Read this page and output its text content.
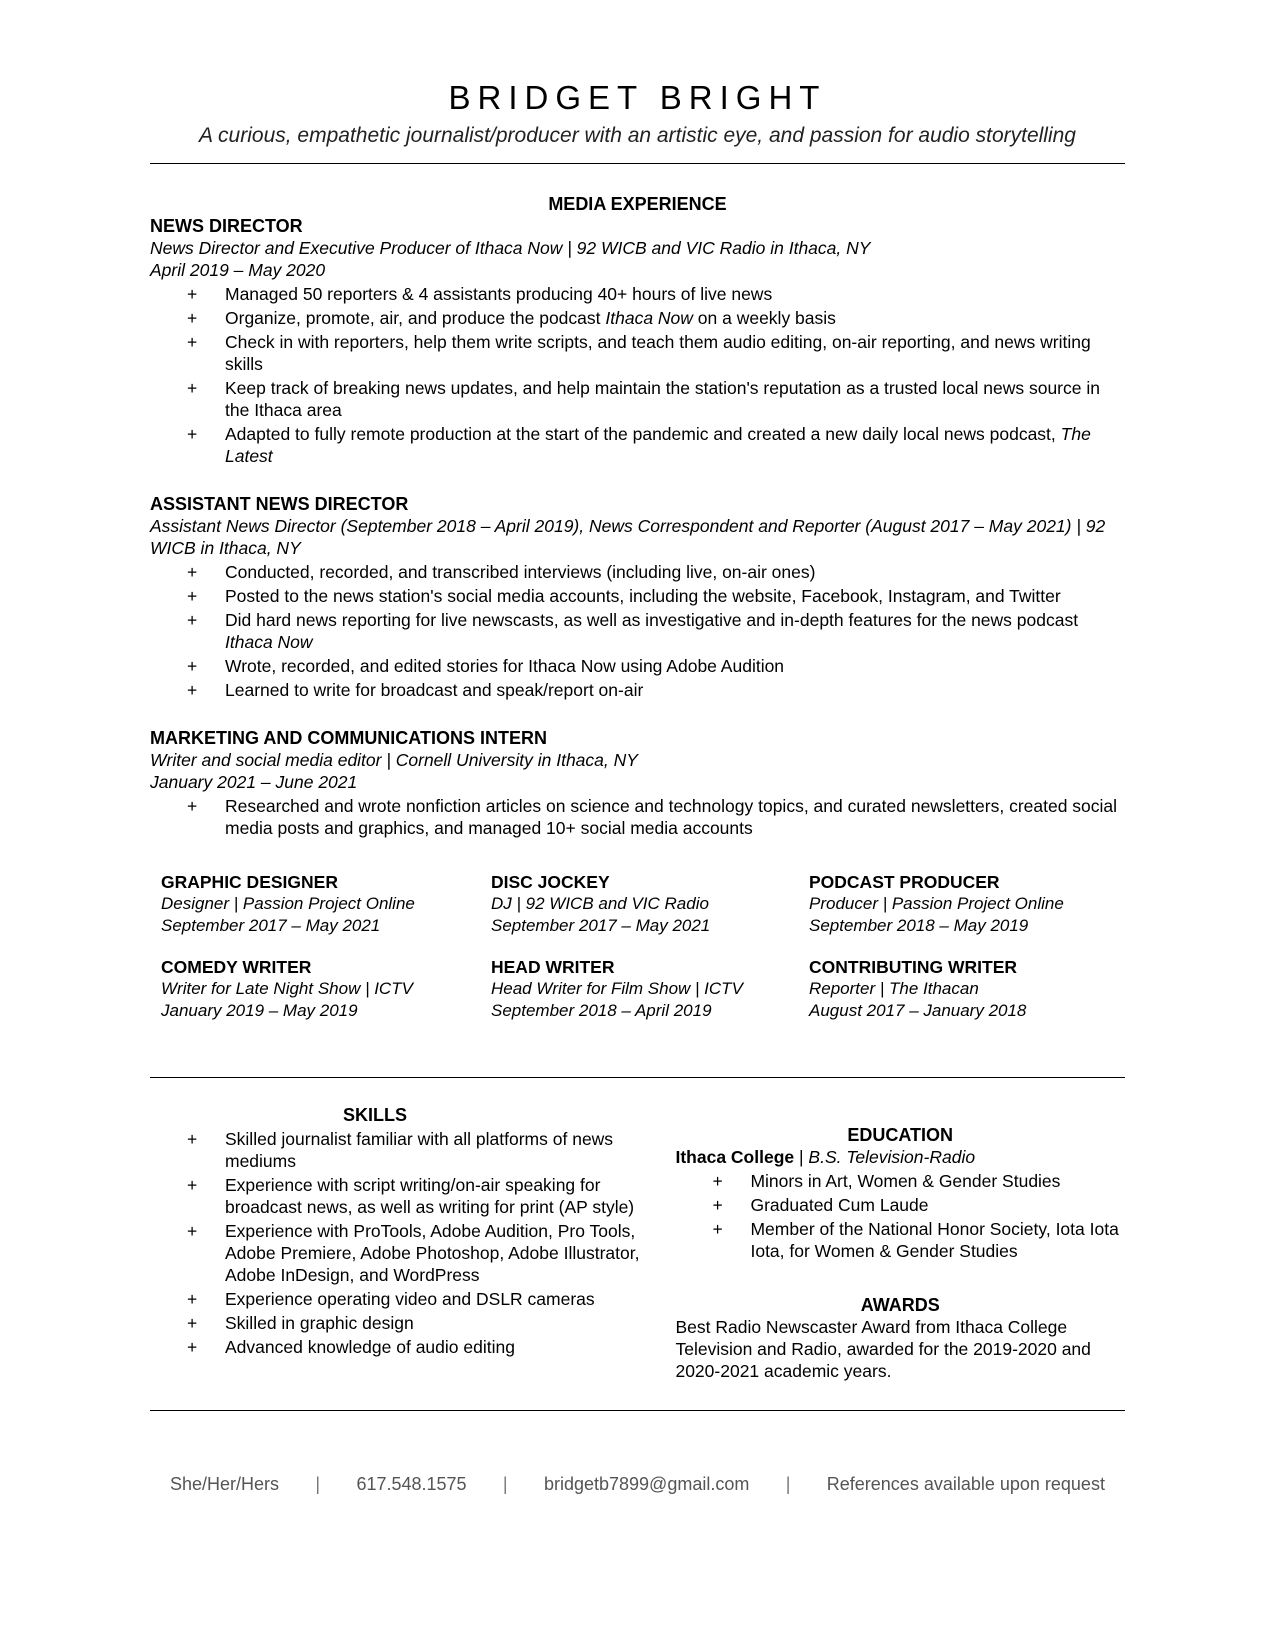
BRIDGET BRIGHT
A curious, empathetic journalist/producer with an artistic eye, and passion for audio storytelling
MEDIA EXPERIENCE
NEWS DIRECTOR
News Director and Executive Producer of Ithaca Now | 92 WICB and VIC Radio in Ithaca, NY
April 2019 – May 2020
+ Managed 50 reporters & 4 assistants producing 40+ hours of live news
+ Organize, promote, air, and produce the podcast Ithaca Now on a weekly basis
+ Check in with reporters, help them write scripts, and teach them audio editing, on-air reporting, and news writing skills
+ Keep track of breaking news updates, and help maintain the station's reputation as a trusted local news source in the Ithaca area
+ Adapted to fully remote production at the start of the pandemic and created a new daily local news podcast, The Latest
ASSISTANT NEWS DIRECTOR
Assistant News Director (September 2018 – April 2019), News Correspondent and Reporter (August 2017 – May 2021) | 92 WICB in Ithaca, NY
+ Conducted, recorded, and transcribed interviews (including live, on-air ones)
+ Posted to the news station's social media accounts, including the website, Facebook, Instagram, and Twitter
+ Did hard news reporting for live newscasts, as well as investigative and in-depth features for the news podcast Ithaca Now
+ Wrote, recorded, and edited stories for Ithaca Now using Adobe Audition
+ Learned to write for broadcast and speak/report on-air
MARKETING AND COMMUNICATIONS INTERN
Writer and social media editor | Cornell University in Ithaca, NY
January 2021 – June 2021
+ Researched and wrote nonfiction articles on science and technology topics, and curated newsletters, created social media posts and graphics, and managed 10+ social media accounts
GRAPHIC DESIGNER
Designer | Passion Project Online
September 2017 – May 2021
DISC JOCKEY
DJ | 92 WICB and VIC Radio
September 2017 – May 2021
PODCAST PRODUCER
Producer | Passion Project Online
September 2018 – May 2019
COMEDY WRITER
Writer for Late Night Show | ICTV
January 2019 – May 2019
HEAD WRITER
Head Writer for Film Show | ICTV
September 2018 – April 2019
CONTRIBUTING WRITER
Reporter | The Ithacan
August 2017 – January 2018
SKILLS
+ Skilled journalist familiar with all platforms of news mediums
+ Experience with script writing/on-air speaking for broadcast news, as well as writing for print (AP style)
+ Experience with ProTools, Adobe Audition, Pro Tools, Adobe Premiere, Adobe Photoshop, Adobe Illustrator, Adobe InDesign, and WordPress
+ Experience operating video and DSLR cameras
+ Skilled in graphic design
+ Advanced knowledge of audio editing
EDUCATION
Ithaca College | B.S. Television-Radio
+ Minors in Art, Women & Gender Studies
+ Graduated Cum Laude
+ Member of the National Honor Society, Iota Iota Iota, for Women & Gender Studies
AWARDS
Best Radio Newscaster Award from Ithaca College Television and Radio, awarded for the 2019-2020 and 2020-2021 academic years.
She/Her/Hers | 617.548.1575 | bridgetb7899@gmail.com | References available upon request
